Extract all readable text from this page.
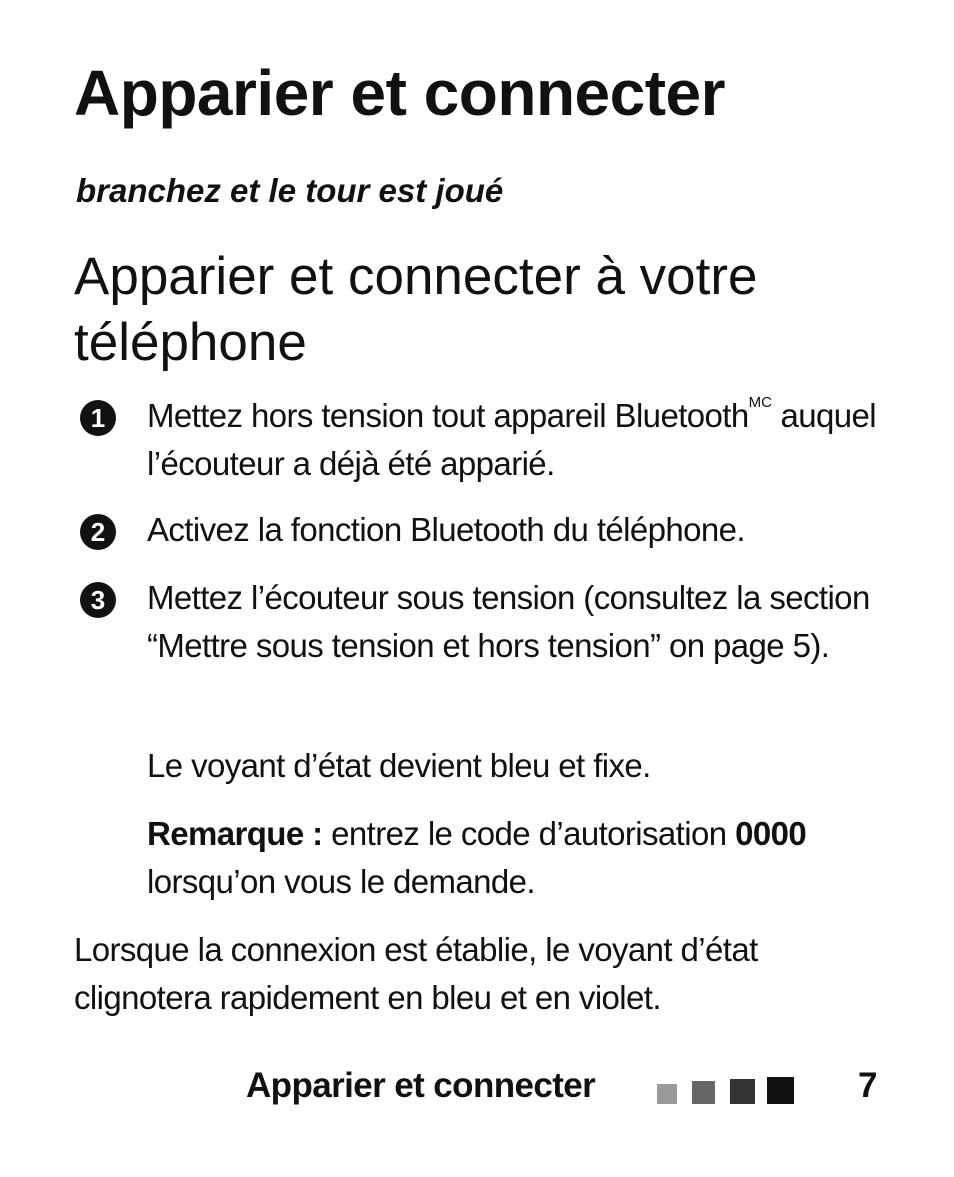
Apparier et connecter
branchez et le tour est joué
Apparier et connecter à votre téléphone
1	Mettez hors tension tout appareil Bluetooth$^{MC}$ auquel l’écouteur a déjà été apparié.
2	Activez la fonction Bluetooth du téléphone.
3	Mettez l’écouteur sous tension (consultez la section “Mettre sous tension et hors tension” on page 5).

Le voyant d’état devient bleu et fixe.

Remarque : entrez le code d’autorisation 0000 lorsqu’on vous le demande.

Lorsque la connexion est établie, le voyant d’état clignotera rapidement en bleu et en violet.

Apparier et connecter	7
